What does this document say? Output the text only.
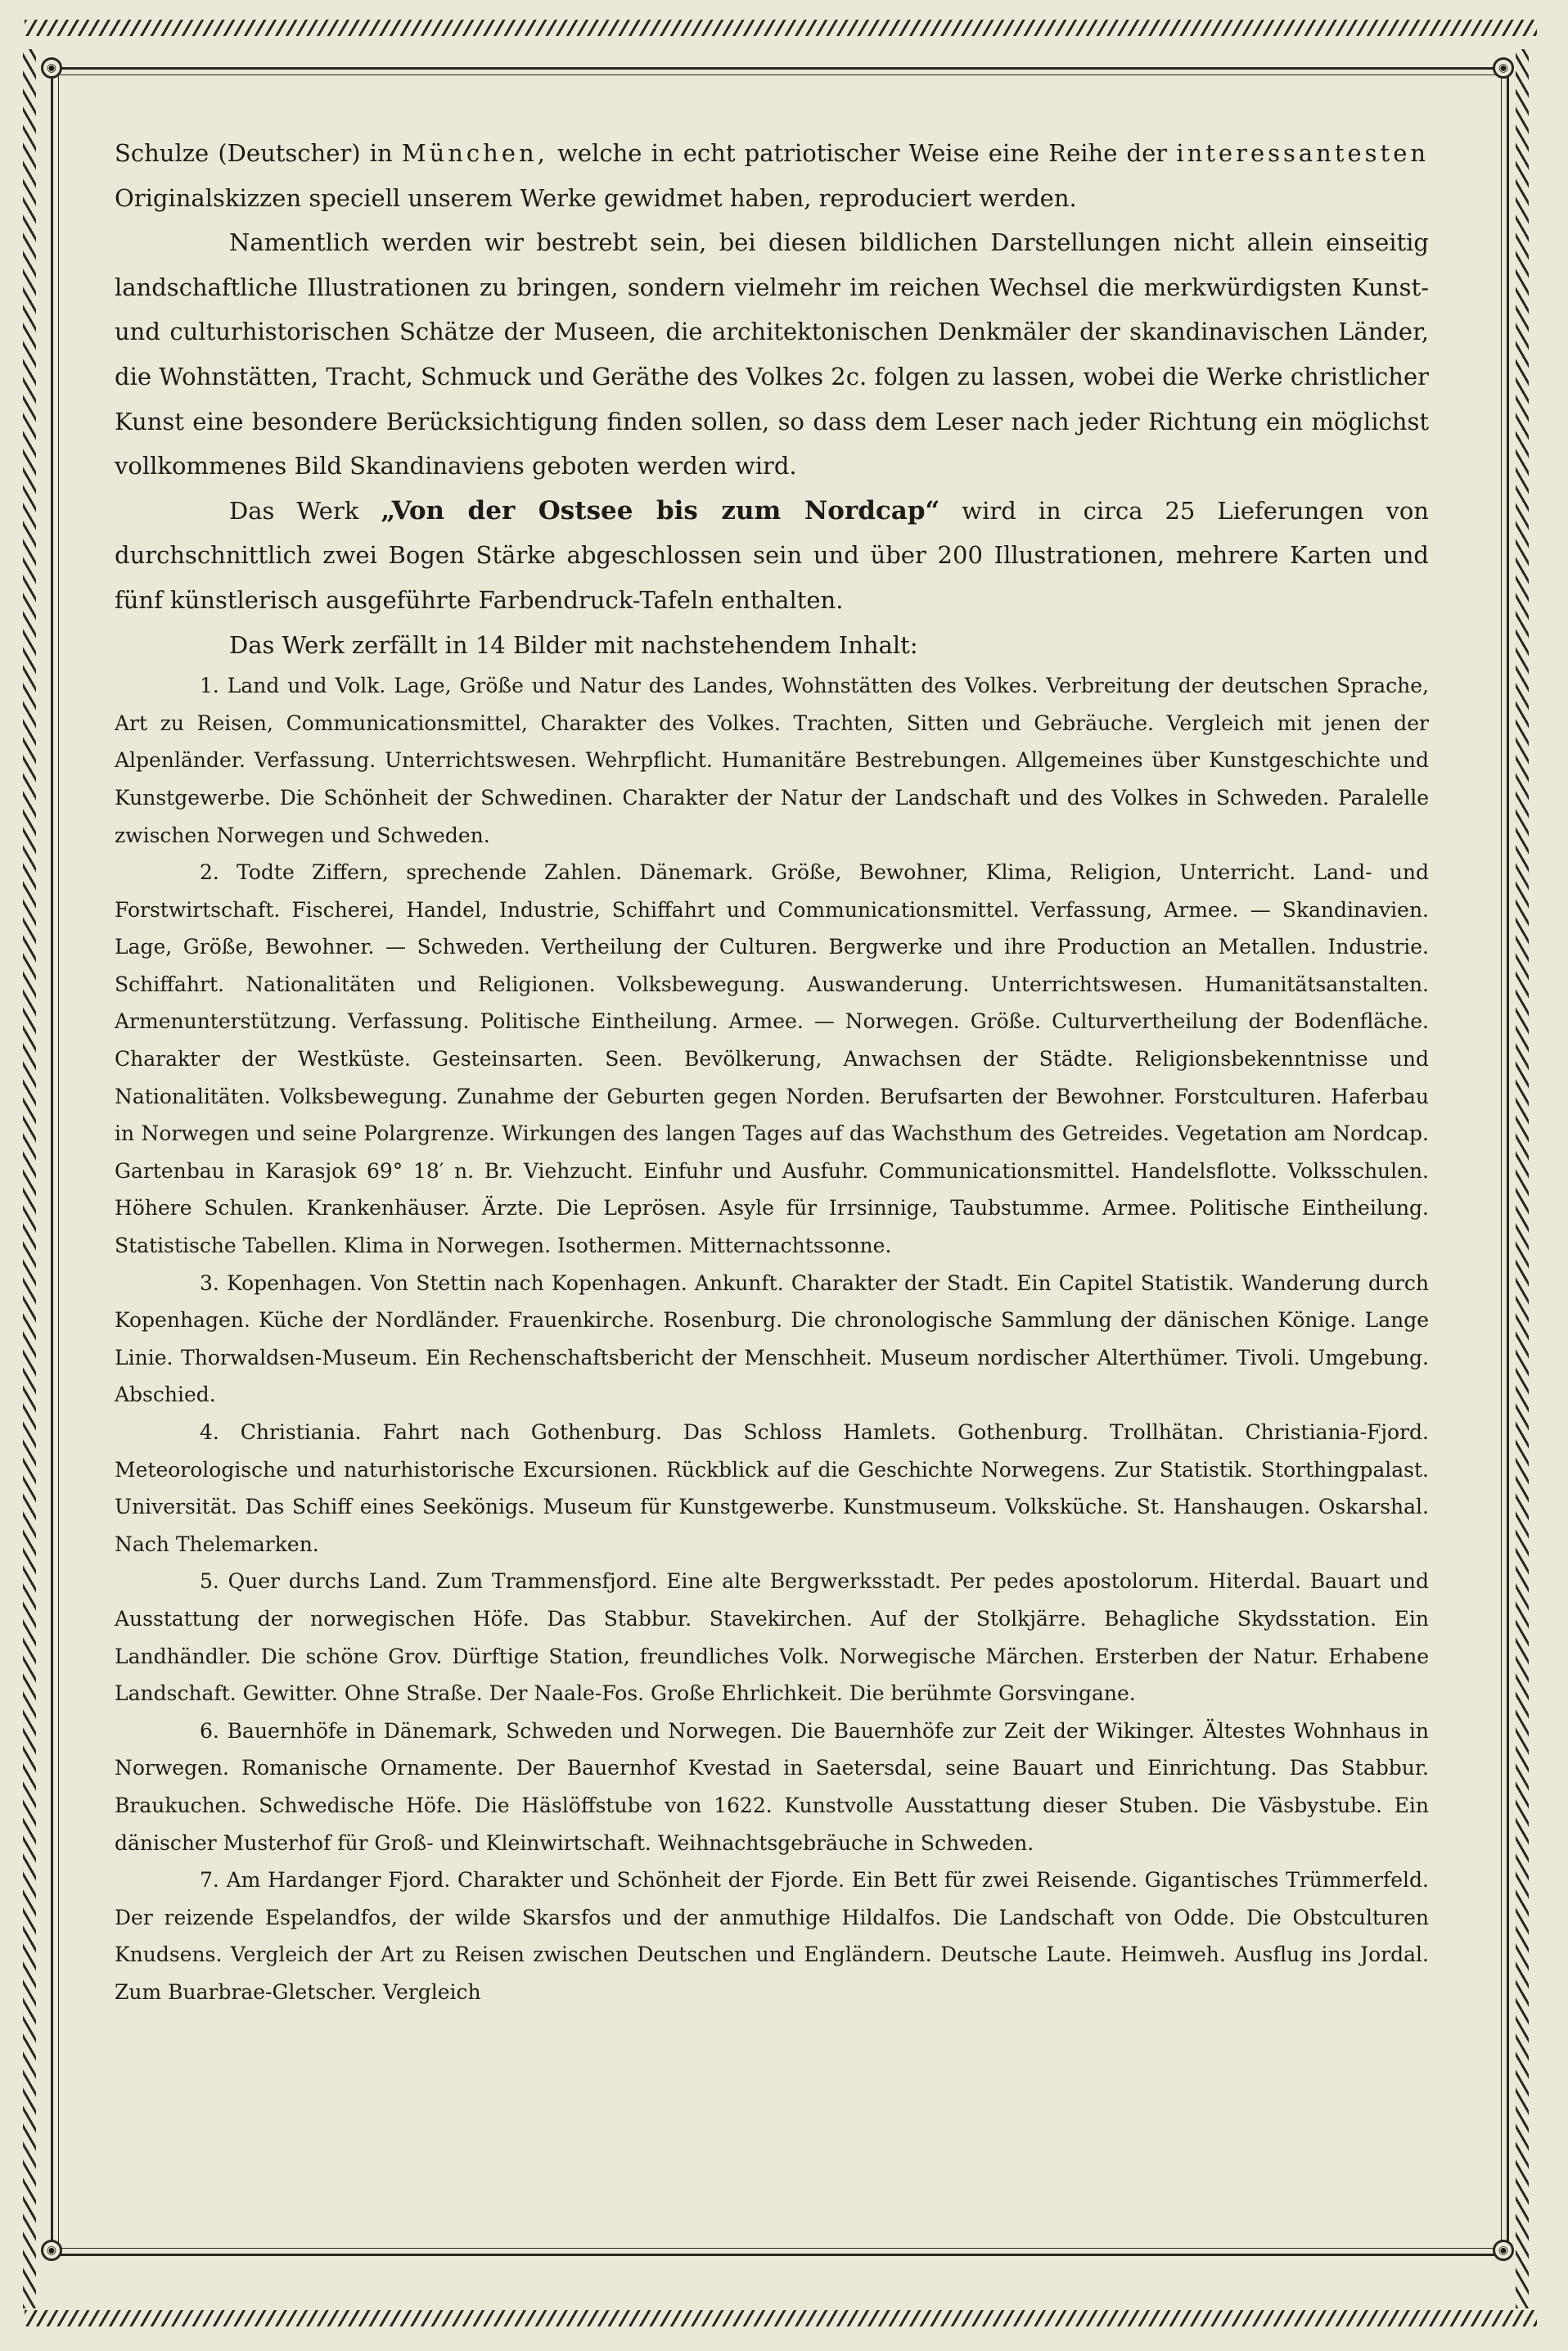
◉	◉
◉	◉

Schulze (Deutscher) in München, welche in echt patriotischer Weise eine Reihe der interessantesten Originalskizzen speciell unserem Werke gewidmet haben, reproduciert werden.

Namentlich werden wir bestrebt sein, bei diesen bildlichen Darstellungen nicht allein einseitig landschaftliche Illustrationen zu bringen, sondern vielmehr im reichen Wechsel die merkwürdigsten Kunst- und culturhistorischen Schätze der Museen, die architektonischen Denkmäler der skandinavischen Länder, die Wohnstätten, Tracht, Schmuck und Geräthe des Volkes 2c. folgen zu lassen, wobei die Werke christlicher Kunst eine besondere Berücksichtigung finden sollen, so dass dem Leser nach jeder Richtung ein möglichst vollkommenes Bild Skandinaviens geboten werden wird.

Das Werk „Von der Ostsee bis zum Nordcap“ wird in circa 25 Lieferungen von durchschnittlich zwei Bogen Stärke abgeschlossen sein und über 200 Illustrationen, mehrere Karten und fünf künstlerisch ausgeführte Farbendruck-Tafeln enthalten.

Das Werk zerfällt in 14 Bilder mit nachstehendem Inhalt:

1. Land und Volk. Lage, Größe und Natur des Landes, Wohnstätten des Volkes. Verbreitung der deutschen Sprache, Art zu Reisen, Communicationsmittel, Charakter des Volkes. Trachten, Sitten und Gebräuche. Vergleich mit jenen der Alpenländer. Verfassung. Unterrichtswesen. Wehrpflicht. Humanitäre Bestrebungen. Allgemeines über Kunstgeschichte und Kunstgewerbe. Die Schönheit der Schwedinen. Charakter der Natur der Landschaft und des Volkes in Schweden. Paralelle zwischen Norwegen und Schweden.

2. Todte Ziffern, sprechende Zahlen. Dänemark. Größe, Bewohner, Klima, Religion, Unterricht. Land- und Forstwirtschaft. Fischerei, Handel, Industrie, Schiffahrt und Communicationsmittel. Verfassung, Armee. — Skandinavien. Lage, Größe, Bewohner. — Schweden. Vertheilung der Culturen. Bergwerke und ihre Production an Metallen. Industrie. Schiffahrt. Nationalitäten und Religionen. Volksbewegung. Auswanderung. Unterrichtswesen. Humanitätsanstalten. Armenunterstützung. Verfassung. Politische Eintheilung. Armee. — Norwegen. Größe. Culturvertheilung der Bodenfläche. Charakter der Westküste. Gesteinsarten. Seen. Bevölkerung, Anwachsen der Städte. Religionsbekenntnisse und Nationalitäten. Volksbewegung. Zunahme der Geburten gegen Norden. Berufsarten der Bewohner. Forstculturen. Haferbau in Norwegen und seine Polargrenze. Wirkungen des langen Tages auf das Wachsthum des Getreides. Vegetation am Nordcap. Gartenbau in Karasjok 69° 18′ n. Br. Viehzucht. Einfuhr und Ausfuhr. Communicationsmittel. Handelsflotte. Volksschulen. Höhere Schulen. Krankenhäuser. Ärzte. Die Leprösen. Asyle für Irrsinnige, Taubstumme. Armee. Politische Eintheilung. Statistische Tabellen. Klima in Norwegen. Isothermen. Mitternachtssonne.

3. Kopenhagen. Von Stettin nach Kopenhagen. Ankunft. Charakter der Stadt. Ein Capitel Statistik. Wanderung durch Kopenhagen. Küche der Nordländer. Frauenkirche. Rosenburg. Die chronologische Sammlung der dänischen Könige. Lange Linie. Thorwaldsen-Museum. Ein Rechenschaftsbericht der Menschheit. Museum nordischer Alterthümer. Tivoli. Umgebung. Abschied.

4. Christiania. Fahrt nach Gothenburg. Das Schloss Hamlets. Gothenburg. Trollhätan. Christiania-Fjord. Meteorologische und naturhistorische Excursionen. Rückblick auf die Geschichte Norwegens. Zur Statistik. Storthingpalast. Universität. Das Schiff eines Seekönigs. Museum für Kunstgewerbe. Kunstmuseum. Volksküche. St. Hanshaugen. Oskarshal. Nach Thelemarken.

5. Quer durchs Land. Zum Trammensfjord. Eine alte Bergwerksstadt. Per pedes apostolorum. Hiterdal. Bauart und Ausstattung der norwegischen Höfe. Das Stabbur. Stavekirchen. Auf der Stolkjärre. Behagliche Skydsstation. Ein Landhändler. Die schöne Grov. Dürftige Station, freundliches Volk. Norwegische Märchen. Ersterben der Natur. Erhabene Landschaft. Gewitter. Ohne Straße. Der Naale-Fos. Große Ehrlichkeit. Die berühmte Gorsvingane.

6. Bauernhöfe in Dänemark, Schweden und Norwegen. Die Bauernhöfe zur Zeit der Wikinger. Ältestes Wohnhaus in Norwegen. Romanische Ornamente. Der Bauernhof Kvestad in Saetersdal, seine Bauart und Einrichtung. Das Stabbur. Braukuchen. Schwedische Höfe. Die Häslöffstube von 1622. Kunstvolle Ausstattung dieser Stuben. Die Väsbystube. Ein dänischer Musterhof für Groß- und Kleinwirtschaft. Weihnachtsgebräuche in Schweden.

7. Am Hardanger Fjord. Charakter und Schönheit der Fjorde. Ein Bett für zwei Reisende. Gigantisches Trümmerfeld. Der reizende Espelandfos, der wilde Skarsfos und der anmuthige Hildalfos. Die Landschaft von Odde. Die Obstculturen Knudsens. Vergleich der Art zu Reisen zwischen Deutschen und Engländern. Deutsche Laute. Heimweh. Ausflug ins Jordal. Zum Buarbrae-Gletscher. Vergleich
